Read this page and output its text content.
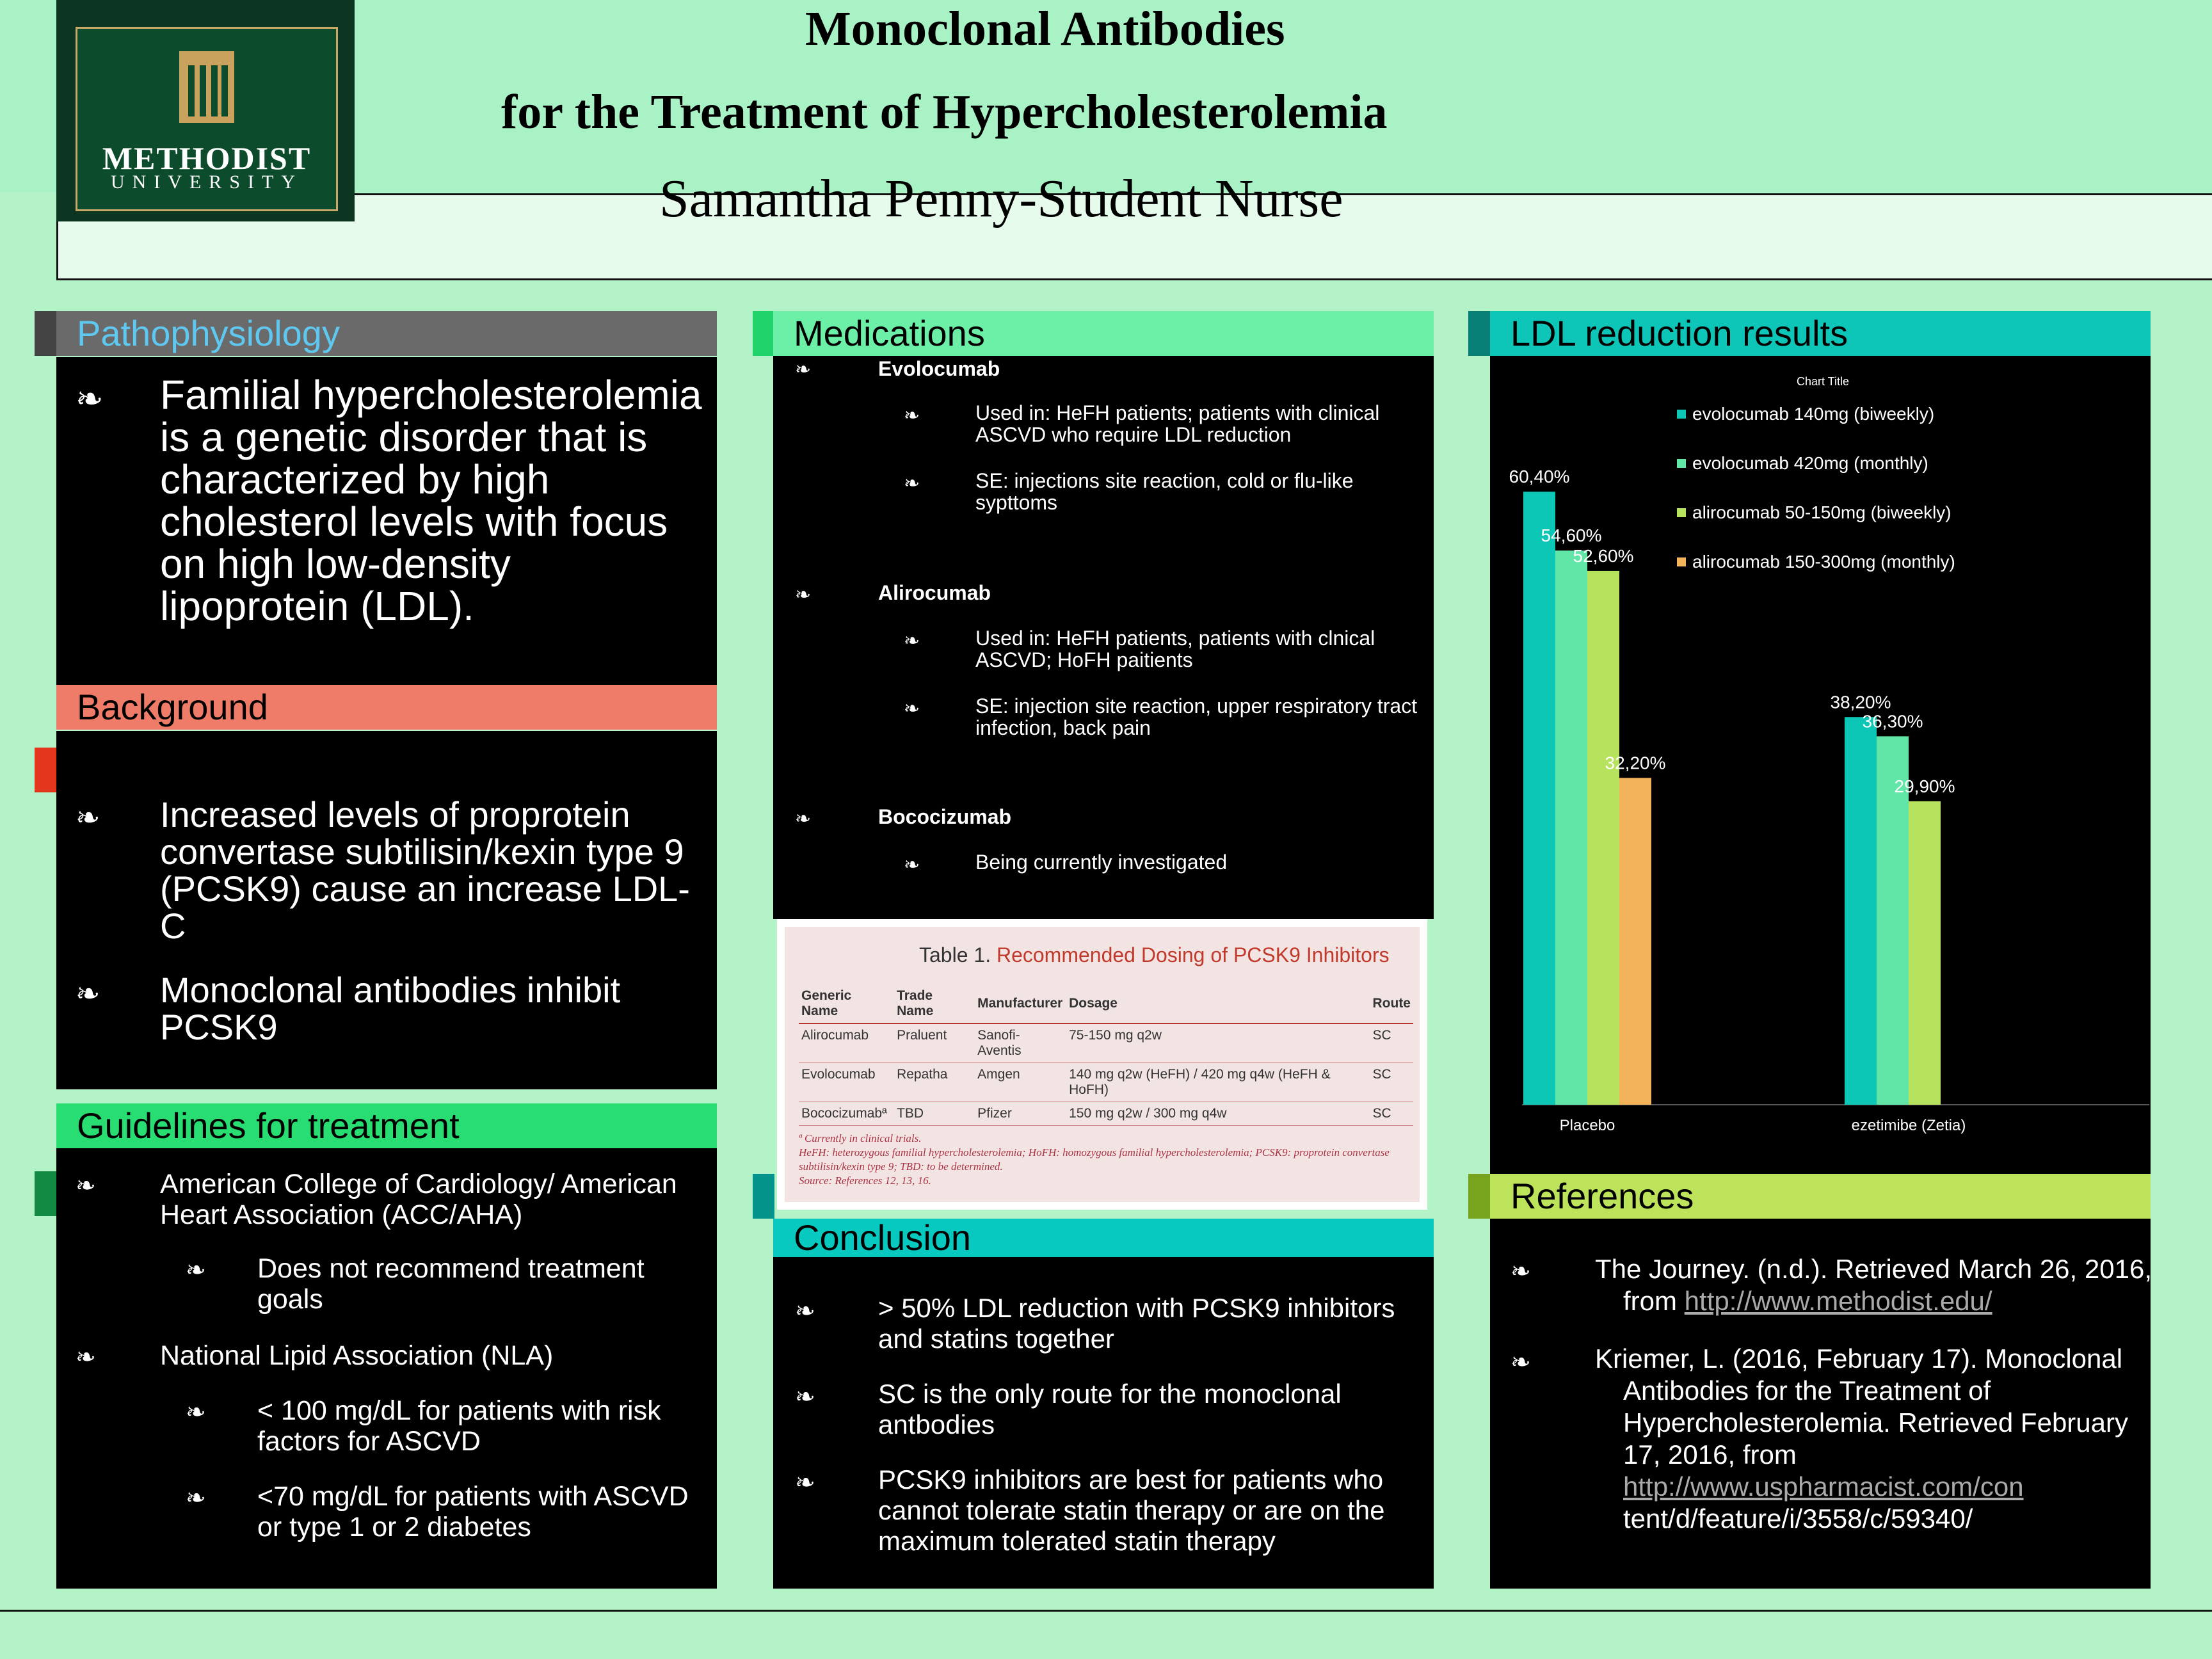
METHODIST
UNIVERSITY
Monoclonal Antibodies
for the Treatment of Hypercholesterolemia
Samantha Penny-Student Nurse
Pathophysiology
❧ Familial hypercholesterolemia is a genetic disorder that is characterized by high cholesterol levels with focus on high low-density lipoprotein (LDL).
Background
❧ Increased levels of proprotein convertase subtilisin/kexin type 9 (PCSK9) cause an increase LDL-C
❧ Monoclonal antibodies inhibit PCSK9
Guidelines for treatment
❧ American College of Cardiology/ American Heart Association (ACC/AHA)
❧ Does not recommend treatment goals
❧ National Lipid Association (NLA)
❧ < 100 mg/dL for patients with risk factors for ASCVD
❧ <70 mg/dL for patients with ASCVD or type 1 or 2 diabetes
Medications
❧	Evolocumab
❧	Used in: HeFH patients; patients with clinical ASCVD who require LDL reduction
❧	SE: injections site reaction, cold or flu-like sypttoms
❧	Alirocumab
❧	Used in: HeFH patients, patients with clnical ASCVD; HoFH paitients
❧	SE: injection site reaction, upper respiratory tract infection, back pain
❧	Bococizumab
❧	Being currently investigated
Table 1. Recommended Dosing of PCSK9 Inhibitors
Generic Name	Trade Name	Manufacturer	Dosage	Route
Alirocumab	Praluent	Sanofi-Aventis	75-150 mg q2w	SC
Evolocumab	Repatha	Amgen	140 mg q2w (HeFH) / 420 mg q4w (HeFH & HoFH)	SC
Bococizumabª	TBD	Pfizer	150 mg q2w / 300 mg q4w	SC
ª Currently in clinical trials.
HeFH: heterozygous familial hypercholesterolemia; HoFH: homozygous familial hypercholesterolemia; PCSK9: proprotein convertase subtilisin/kexin type 9; TBD: to be determined.
Source: References 12, 13, 16.
Conclusion
❧ > 50% LDL reduction with PCSK9 inhibitors and statins together
❧ SC is the only route for the monoclonal antbodies
❧ PCSK9 inhibitors are best for patients who cannot tolerate statin therapy or are on the maximum tolerated statin therapy
LDL reduction results
Chart Title
60,40%
38,20%
54,60%
36,30%
52,60%
29,90%
32,20%
Placebo	ezetimibe (Zetia)
evolocumab 140mg (biweekly)
evolocumab 420mg (monthly)
alirocumab 50-150mg (biweekly)
alirocumab 150-300mg (monthly)
References
❧ The Journey. (n.d.). Retrieved March 26, 2016, from http://www.methodist.edu/
❧ Kriemer, L. (2016, February 17). Monoclonal Antibodies for the Treatment of Hypercholesterolemia. Retrieved February 17, 2016, from http://www.uspharmacist.com/con
tent/d/feature/i/3558/c/59340/
